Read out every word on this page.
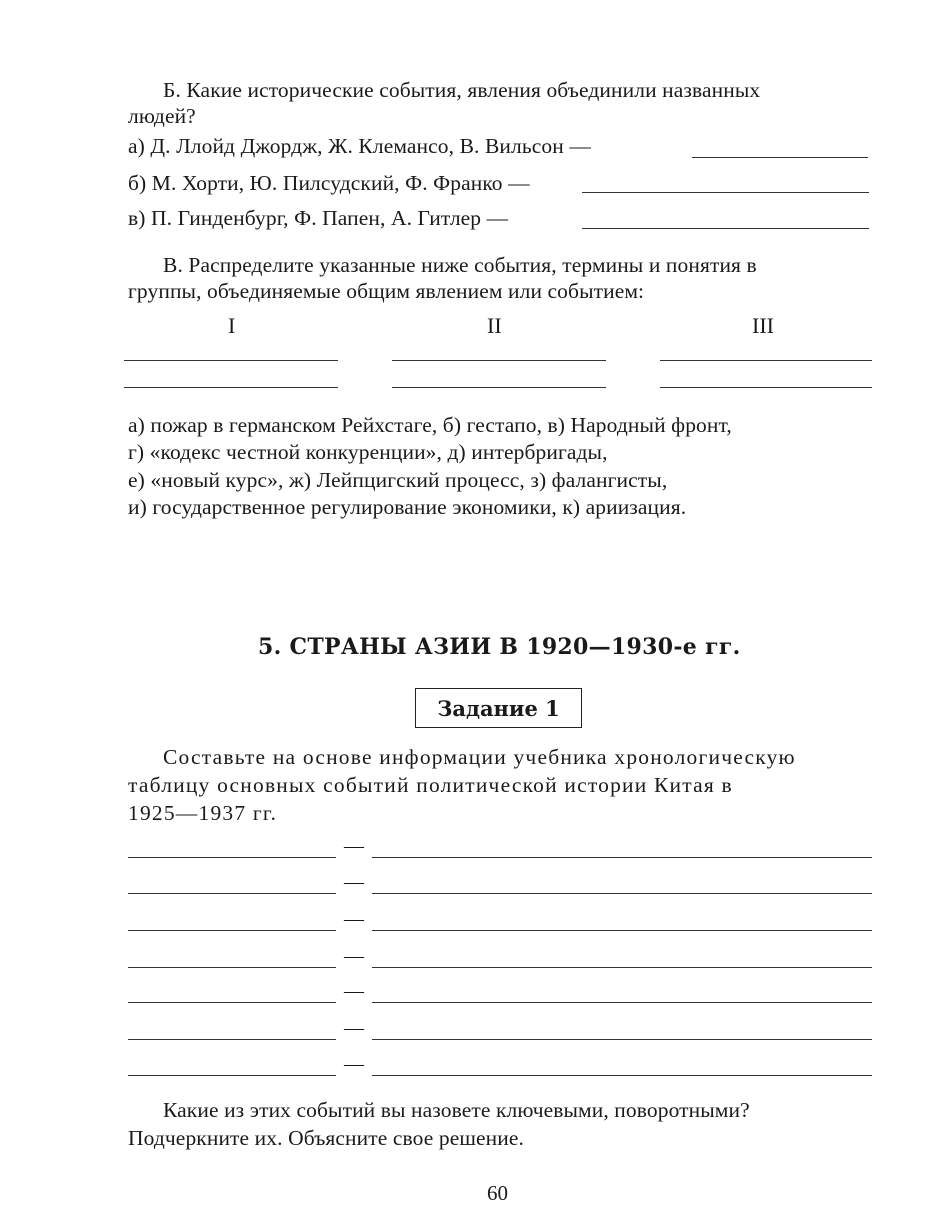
Б. Какие исторические события, явления объединили названных
людей?
а) Д. Ллойд Джордж, Ж. Клемансо, В. Вильсон —
б) М. Хорти, Ю. Пилсудский, Ф. Франко —
в) П. Гинденбург, Ф. Папен, А. Гитлер —
В. Распределите указанные ниже события, термины и понятия в
группы, объединяемые общим явлением или событием:
I	II	III
а) пожар в германском Рейхстаге, б) гестапо, в) Народный фронт,
г) «кодекс честной конкуренции», д) интербригады,
е) «новый курс», ж) Лейпцигский процесс, з) фалангисты,
и) государственное регулирование экономики, к) ариизация.
5. СТРАНЫ АЗИИ В 1920—1930-е гг.
Задание 1
Составьте на основе информации учебника хронологическую
таблицу основных событий политической истории Китая в
1925—1937 гг.
—
—
—
—
—
—
—
Какие из этих событий вы назовете ключевыми, поворотными?
Подчеркните их. Объясните свое решение.
60
